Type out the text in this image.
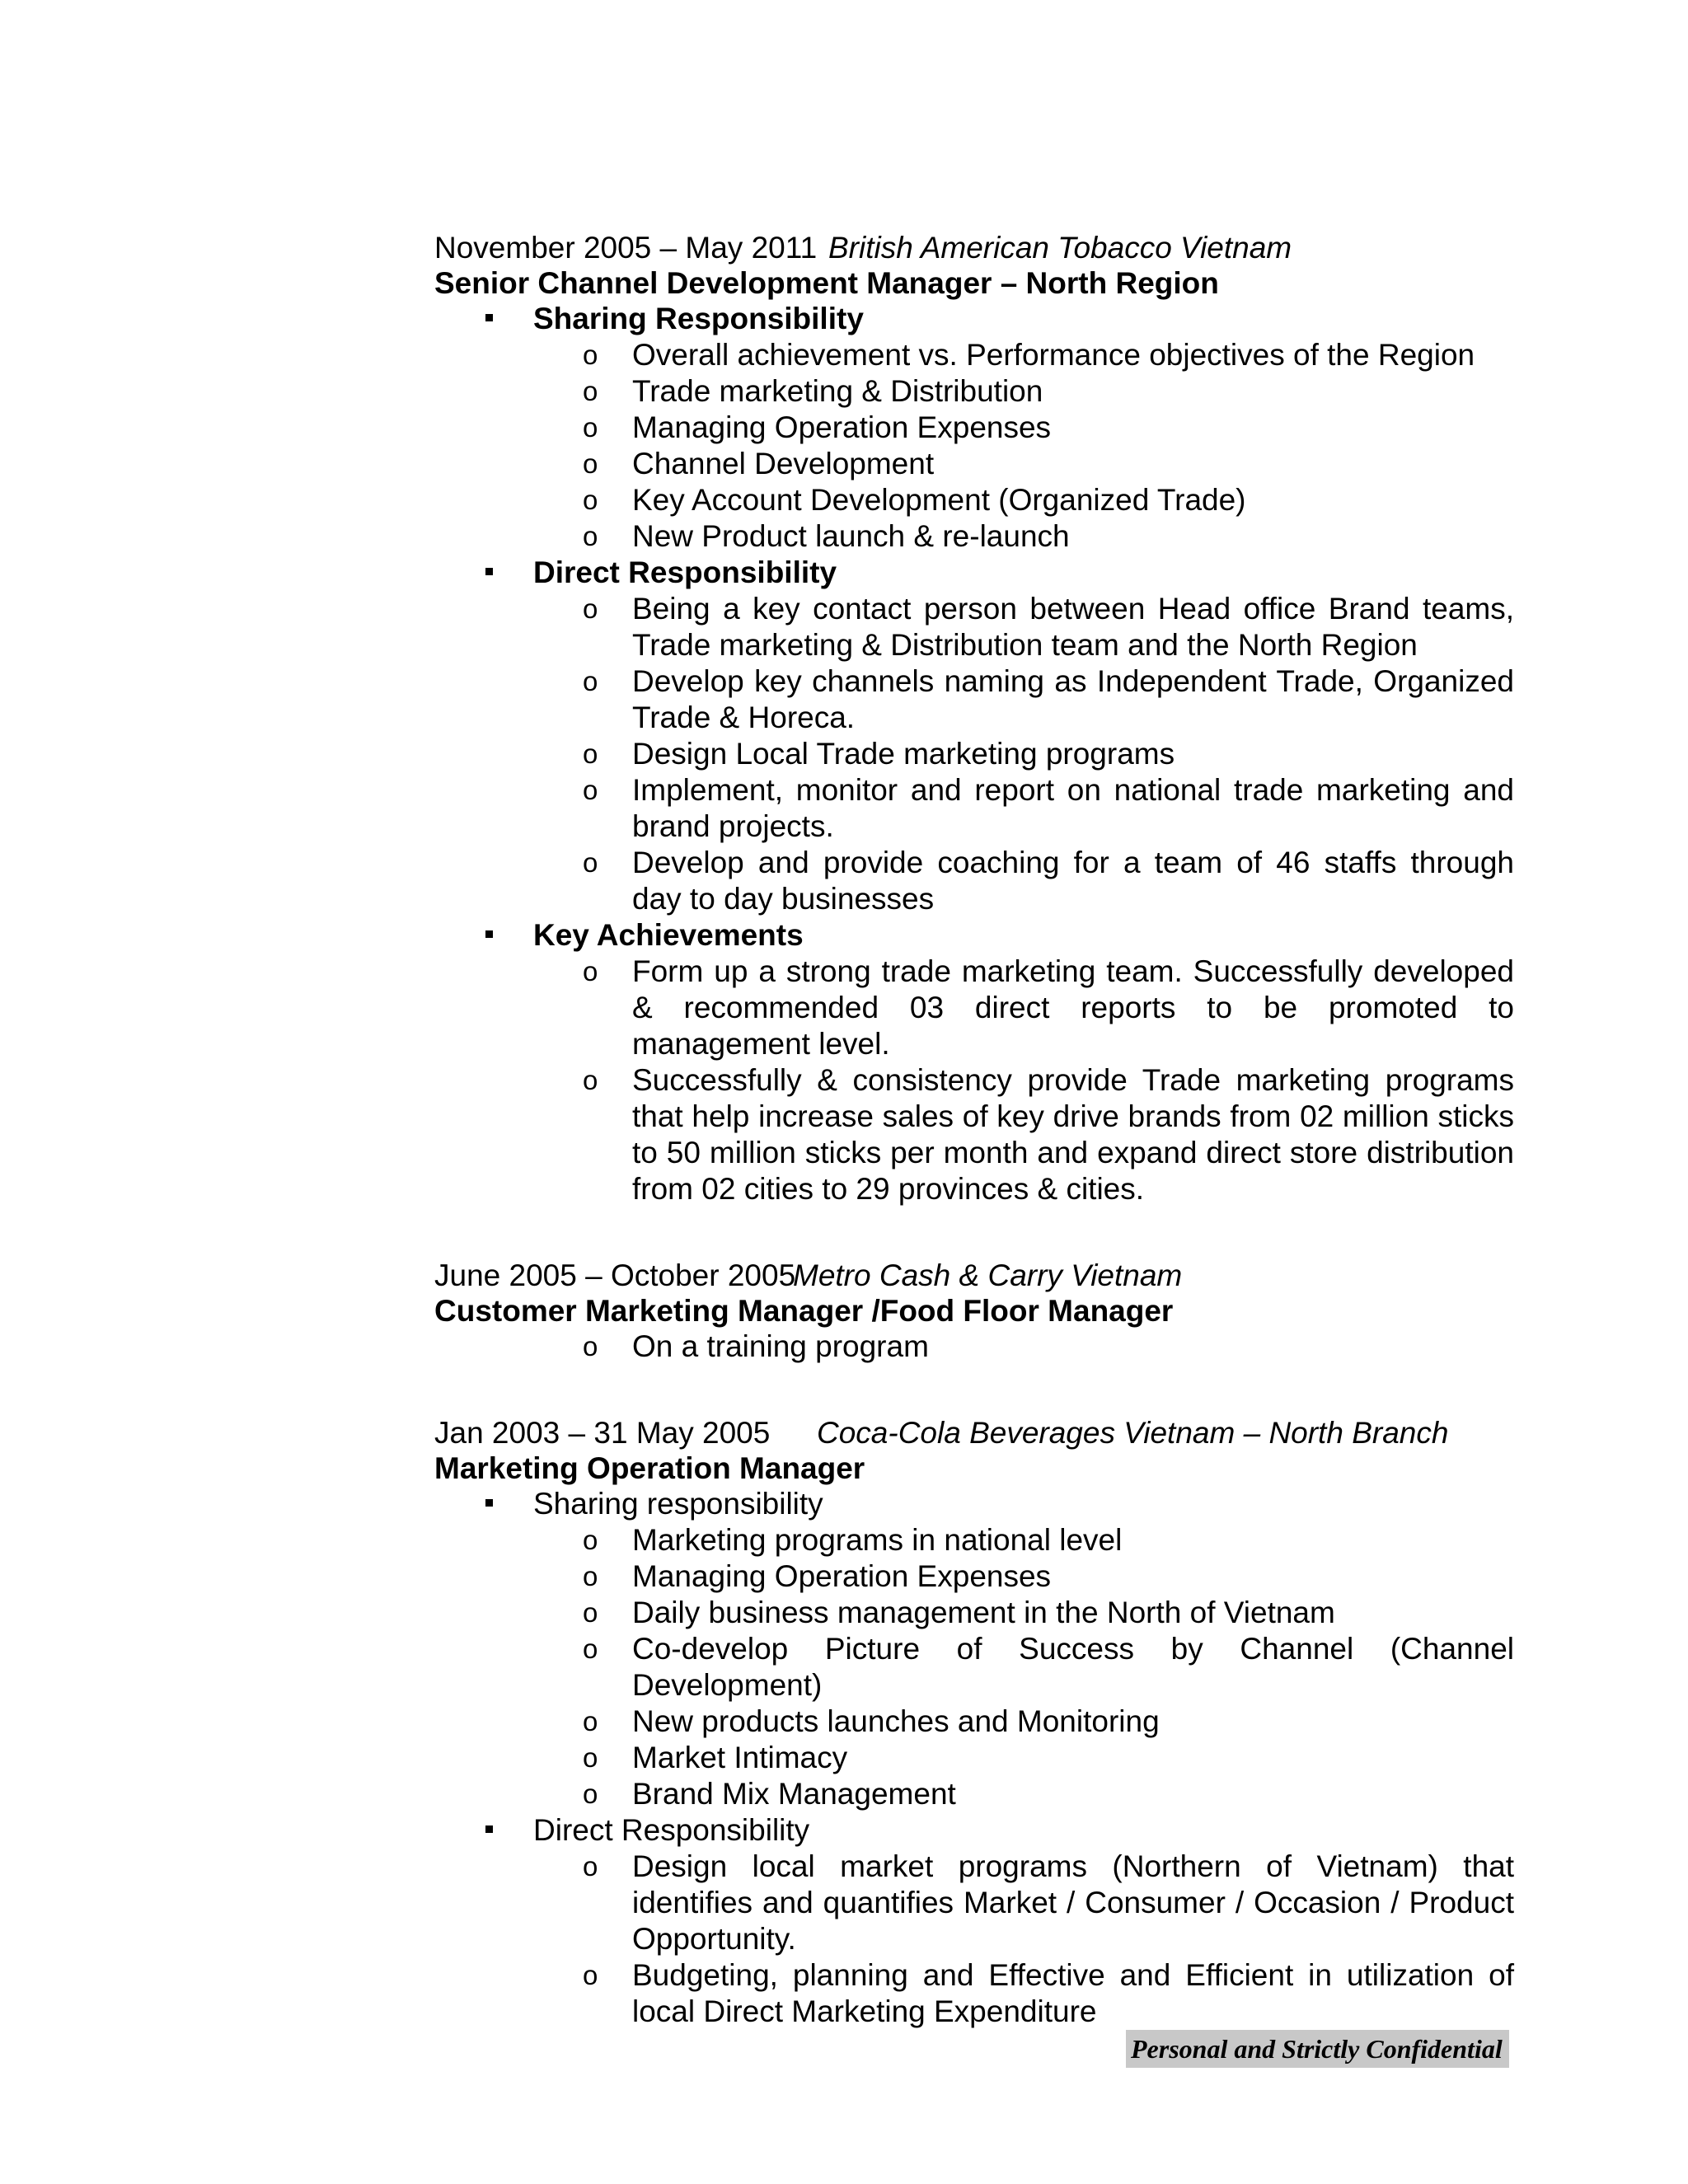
November 2005 – May 2011 British American Tobacco Vietnam
Senior Channel Development Manager – North Region
Sharing Responsibility
o Overall achievement vs. Performance objectives of the Region
o Trade marketing & Distribution
o Managing Operation Expenses
o Channel Development
o Key Account Development (Organized Trade)
o New Product launch & re-launch
Direct Responsibility
o Being a key contact person between Head office Brand teams, Trade marketing & Distribution team and the North Region
o Develop key channels naming as Independent Trade, Organized Trade & Horeca.
o Design Local Trade marketing programs
o Implement, monitor and report on national trade marketing and brand projects.
o Develop and provide coaching for a team of 46 staffs through day to day businesses
Key Achievements
o Form up a strong trade marketing team. Successfully developed & recommended 03 direct reports to be promoted to management level.
o Successfully & consistency provide Trade marketing programs that help increase sales of key drive brands from 02 million sticks to 50 million sticks per month and expand direct store distribution from 02 cities to 29 provinces & cities.
June 2005 – October 2005Metro Cash & Carry Vietnam
Customer Marketing Manager /Food Floor Manager
o On a training program
Jan 2003 – 31 May 2005 Coca-Cola Beverages Vietnam – North Branch
Marketing Operation Manager
Sharing responsibility
o Marketing programs in national level
o Managing Operation Expenses
o Daily business management in the North of Vietnam
o Co-develop Picture of Success by Channel (Channel Development)
o New products launches and Monitoring
o Market Intimacy
o Brand Mix Management
Direct Responsibility
o Design local market programs (Northern of Vietnam) that identifies and quantifies Market / Consumer / Occasion / Product Opportunity.
o Budgeting, planning and Effective and Efficient in utilization of local Direct Marketing Expenditure
Personal and Strictly Confidential
